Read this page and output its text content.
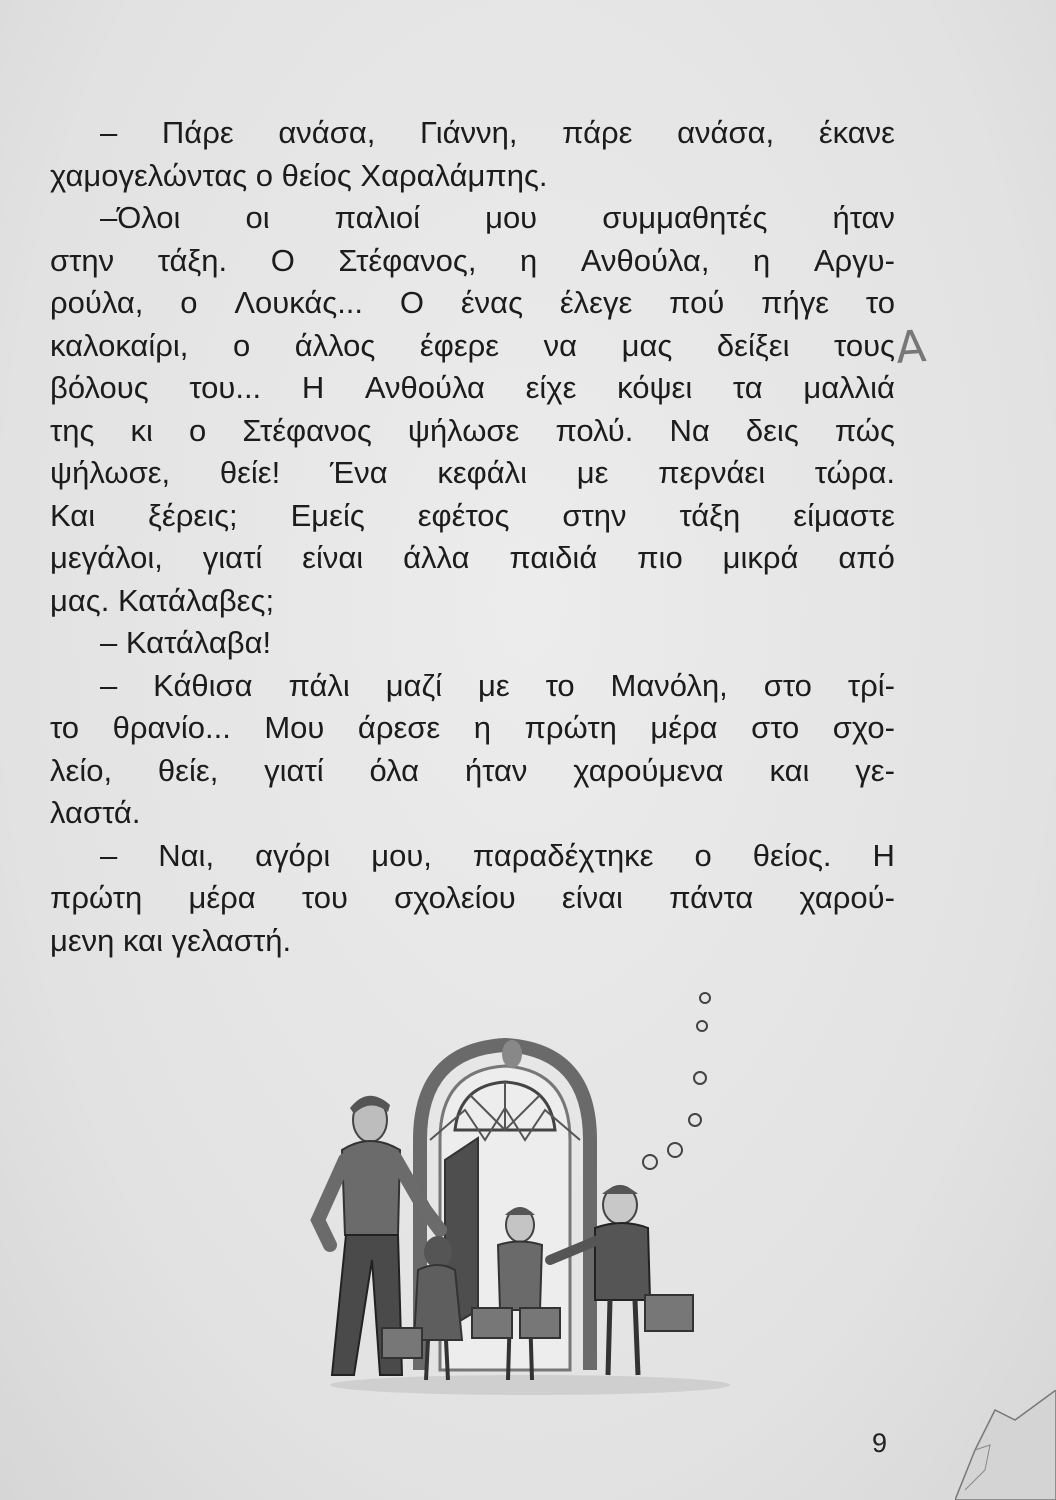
– Πάρε ανάσα, Γιάννη, πάρε ανάσα, έκανε
χαμογελώντας ο θείος Χαραλάμπης.
–Όλοι οι παλιοί μου συμμαθητές ήταν
στην τάξη. Ο Στέφανος, η Ανθούλα, η Αργυ-
ρούλα, ο Λουκάς... Ο ένας έλεγε πού πήγε το
καλοκαίρι, ο άλλος έφερε να μας δείξει τους
βόλους του... Η Ανθούλα είχε κόψει τα μαλλιά
της κι ο Στέφανος ψήλωσε πολύ. Να δεις πώς
ψήλωσε, θείε! Ένα κεφάλι με περνάει τώρα.
Και ξέρεις; Εμείς εφέτος στην τάξη είμαστε
μεγάλοι, γιατί είναι άλλα παιδιά πιο μικρά από
μας. Κατάλαβες;
– Κατάλαβα!
– Κάθισα πάλι μαζί με το Μανόλη, στο τρί-
το θρανίο... Μου άρεσε η πρώτη μέρα στο σχο-
λείο, θείε, γιατί όλα ήταν χαρούμενα και γε-
λαστά.
– Ναι, αγόρι μου, παραδέχτηκε ο θείος. Η
πρώτη μέρα του σχολείου είναι πάντα χαρού-
μενη και γελαστή.
A
9
